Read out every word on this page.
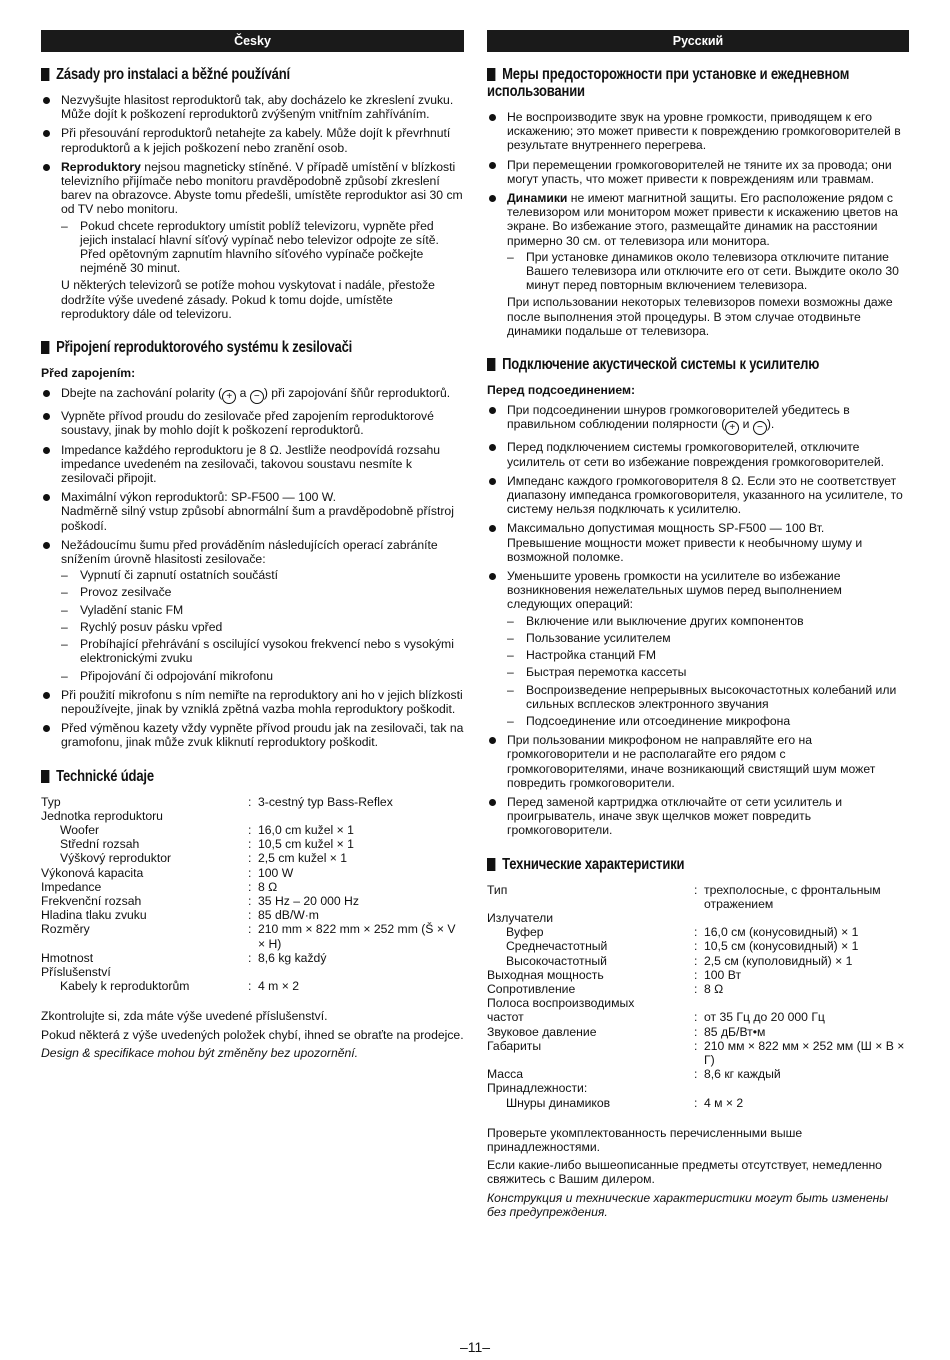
Česky
Zásady pro instalaci a běžné používání
Nezvyšujte hlasitost reproduktorů tak, aby docházelo ke zkreslení zvuku. Může dojít k poškození reproduktorů zvýšeným vnitřním zahříváním.
Při přesouvání reproduktorů netahejte za kabely. Může dojít k převrhnutí reproduktorů a k jejich poškození nebo zranění osob.
Reproduktory nejsou magneticky stíněné. V případě umístění v blízkosti televizního přijímače nebo monitoru pravděpodobně způsobí zkreslení barev na obrazovce. Abyste tomu předešli, umístěte reproduktor asi 30 cm od TV nebo monitoru.
– Pokud chcete reproduktory umístit poblíž televizoru, vypněte před jejich instalací hlavní síťový vypínač nebo televizor odpojte ze sítě. Před opětovným zapnutím hlavního síťového vypínače počkejte nejméně 30 minut.
U některých televizorů se potíže mohou vyskytovat i nadále, přestože dodržíte výše uvedené zásady. Pokud k tomu dojde, umístěte reproduktory dále od televizoru.
Připojení reproduktorového systému k zesilovači
Před zapojením:
Dbejte na zachování polarity ( + a − ) při zapojování šňůr reproduktorů.
Vypněte přívod proudu do zesilovače před zapojením reproduktorové soustavy, jinak by mohlo dojít k poškození reproduktorů.
Impedance každého reproduktoru je 8 Ω. Jestliže neodpovídá rozsahu impedance uvedeném na zesilovači, takovou soustavu nesmíte k zesilovači připojit.
Maximální výkon reproduktorů: SP-F500 — 100 W.
Nadměrně silný vstup způsobí abnormální šum a pravděpodobně přístroj poškodí.
Nežádoucímu šumu před prováděním následujících operací zabráníte snížením úrovně hlasitosti zesilovače:
– Vypnutí či zapnutí ostatních součástí
– Provoz zesilvače
– Vyladění stanic FM
– Rychlý posuv pásku vpřed
– Probíhající přehrávání s oscilující vysokou frekvencí nebo s vysokými elektronickými zvuku
– Připojování či odpojování mikrofonu
Při použití mikrofonu s ním nemiřte na reproduktory ani ho v jejich blízkosti nepoužívejte, jinak by vzniklá zpětná vazba mohla reproduktory poškodit.
Před výměnou kazety vždy vypněte přívod proudu jak na zesilovači, tak na gramofonu, jinak může zvuk kliknutí reproduktory poškodit.
Technické údaje
Typ	:	3-cestný typ Bass-Reflex
Jednotka reproduktoru		
Woofer	:	16,0 cm kužel × 1
Střední rozsah	:	10,5 cm kužel × 1
Výškový reproduktor	:	2,5 cm kužel × 1
Výkonová kapacita	:	100 W
Impedance	:	8 Ω
Frekvenční rozsah	:	35 Hz – 20 000 Hz
Hladina tlaku zvuku	:	85 dB/W·m
Rozměry	:	210 mm × 822 mm × 252 mm (Š × V × H)
Hmotnost	:	8,6 kg každý
Příslušenství		
Kabely k reproduktorům	:	4 m × 2

Zkontrolujte si, zda máte výše uvedené příslušenství.

Pokud některá z výše uvedených položek chybí, ihned se obraťte na prodejce.

Design & specifikace mohou být změněny bez upozornění.

Русский
Меры предосторожности при установке и ежедневном использовании
Не воспроизводите звук на уровне громкости, приводящем к его искажению; это может привести к повреждению громкоговорителей в результате внутреннего перегрева.
При перемещении громкоговорителей не тяните их за провода; они могут упасть, что может привести к повреждениям или травмам.
Динамики не имеют магнитной защиты. Его расположение рядом с телевизором или монитором может привести к искажению цветов на экране. Во избежание этого, размещайте динамик на расстоянии примерно 30 см. от телевизора или монитора.
– При установке динамиков около телевизора отключите питание Вашего телевизора или отключите его от сети. Выждите около 30 минут перед повторным включением телевизора.
При использовании некоторых телевизоров помехи возможны даже после выполнения этой процедуры. В этом случае отодвиньте динамики подальше от телевизора.
Подключение акустической системы к усилителю
Перед подсоединением:
При подсоединении шнуров громкоговорителей убедитесь в правильном соблюдении полярности ( + и − ).
Перед подключением системы громкоговорителей, отключите усилитель от сети во избежание повреждения громкоговорителей.
Импеданс каждого громкоговорителя 8 Ω. Если это не соответствует диапазону импеданса громкоговорителя, указанного на усилителе, то систему нельзя подключать к усилителю.
Максимально допустимая мощность SP-F500 — 100 Вт.
Превышение мощности может привести к необычному шуму и возможной поломке.
Уменьшите уровень громкости на усилителе во избежание возникновения нежелательных шумов перед выполнением следующих операций:
– Включение или выключение других компонентов
– Пользование усилителем
– Настройка станций FM
– Быстрая перемотка кассеты
– Воспроизведение непрерывных высокочастотных колебаний или сильных всплесков электронного звучания
– Подсоединение или отсоединение микрофона
При пользовании микрофоном не направляйте его на громкоговорители и не располагайте его рядом с громкоговорителями, иначе возникающий свистящий шум может повредить громкоговорители.
Перед заменой картриджа отключайте от сети усилитель и проигрыватель, иначе звук щелчков может повредить громкоговорители.
Технические характеристики
Тип	:	трехполосные, с фронтальным отражением
Излучатели		
Вуфер	:	16,0 см (конусовидный) × 1
Среднечастотный	:	10,5 см (конусовидный) × 1
Высокочастотный	:	2,5 см (куполовидный) × 1
Выходная мощность	:	100 Вт
Сопротивление	:	8 Ω
Полоса воспроизводимых		
частот	:	от 35 Гц до 20 000 Гц
Звуковое давление	:	85 дБ/Вт•м
Габариты	:	210 мм × 822 мм × 252 мм (Ш × В × Г)
Масса	:	8,6 кг каждый
Принадлежности:		
Шнуры динамиков	:	4 м × 2

Проверьте укомплектованность перечисленными выше принадлежностями.

Если какие-либо вышеописанные предметы отсутствует, немедленно свяжитесь с Вашим дилером.

Конструкция и технические характеристики могут быть изменены без предупреждения.

–11–
